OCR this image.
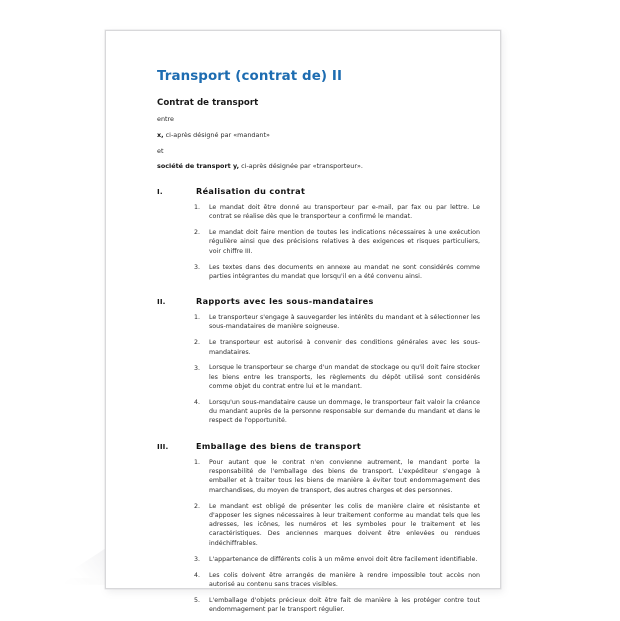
Transport (contrat de) II
Contrat de transport

entre

x, ci-après désigné par «mandant»

et

société de transport y, ci-après désignée par «transporteur».

I.	Réalisation du contrat
1.	Le mandat doit être donné au transporteur par e-mail, par fax ou par lettre. Le contrat se réalise dès que le transporteur a confirmé le mandat.
2.	Le mandat doit faire mention de toutes les indications nécessaires à une exécution régulière ainsi que des précisions relatives à des exigences et risques particuliers, voir chiffre III.
3.	Les textes dans des documents en annexe au mandat ne sont considérés comme parties intégrantes du mandat que lorsqu'il en a été convenu ainsi.
II.	Rapports avec les sous-mandataires
1.	Le transporteur s'engage à sauvegarder les intérêts du mandant et à sélectionner les sous-mandataires de manière soigneuse.
2.	Le transporteur est autorisé à convenir des conditions générales avec les sous-mandataires.
3.	Lorsque le transporteur se charge d'un mandat de stockage ou qu'il doit faire stocker les biens entre les transports, les règlements du dépôt utilisé sont considérés comme objet du contrat entre lui et le mandant.
4.	Lorsqu'un sous-mandataire cause un dommage, le transporteur fait valoir la créance du mandant auprès de la personne responsable sur demande du mandant et dans le respect de l'opportunité.
III.	Emballage des biens de transport
1.	Pour autant que le contrat n'en convienne autrement, le mandant porte la responsabilité de l'emballage des biens de transport. L'expéditeur s'engage à emballer et à traiter tous les biens de manière à éviter tout endommagement des marchandises, du moyen de transport, des autres charges et des personnes.
2.	Le mandant est obligé de présenter les colis de manière claire et résistante et d'apposer les signes nécessaires à leur traitement conforme au mandat tels que les adresses, les icônes, les numéros et les symboles pour le traitement et les caractéristiques. Des anciennes marques doivent être enlevées ou rendues indéchiffrables.
3.	L'appartenance de différents colis à un même envoi doit être facilement identifiable.
4.	Les colis doivent être arrangés de manière à rendre impossible tout accès non autorisé au contenu sans traces visibles.
5.	L'emballage d'objets précieux doit être fait de manière à les protéger contre tout endommagement par le transport régulier.
